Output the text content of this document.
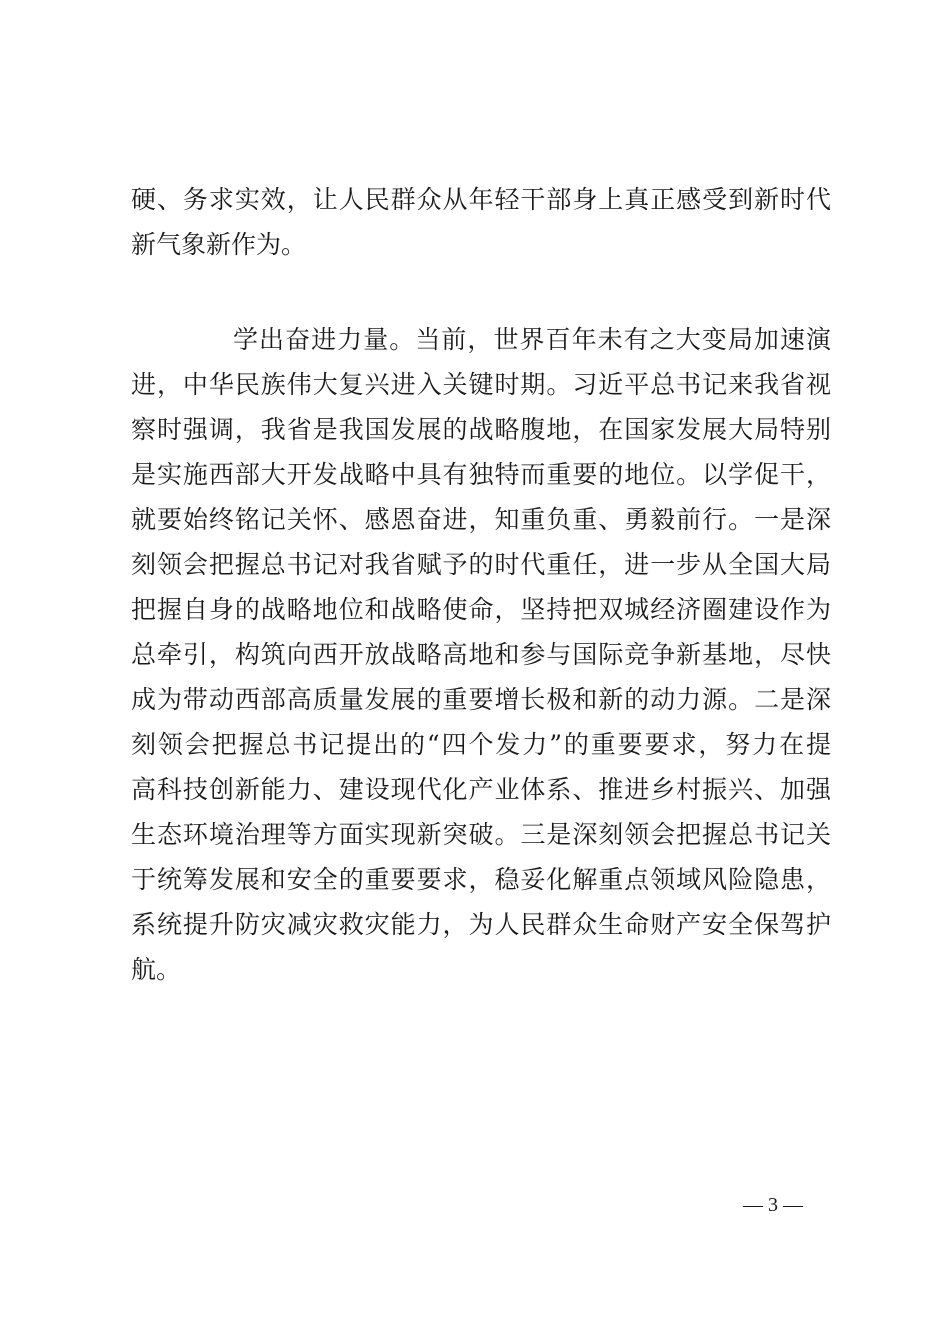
硬、务求实效，让人民群众从年轻干部身上真正感受到新时代
新气象新作为。
学出奋进力量。当前，世界百年未有之大变局加速演
进，中华民族伟大复兴进入关键时期。习近平总书记来我省视
察时强调，我省是我国发展的战略腹地，在国家发展大局特别
是实施西部大开发战略中具有独特而重要的地位。以学促干，
就要始终铭记关怀、感恩奋进，知重负重、勇毅前行。一是深
刻领会把握总书记对我省赋予的时代重任，进一步从全国大局
把握自身的战略地位和战略使命，坚持把双城经济圈建设作为
总牵引，构筑向西开放战略高地和参与国际竞争新基地，尽快
成为带动西部高质量发展的重要增长极和新的动力源。二是深
刻领会把握总书记提出的“四个发力”的重要要求，努力在提
高科技创新能力、建设现代化产业体系、推进乡村振兴、加强
生态环境治理等方面实现新突破。三是深刻领会把握总书记关
于统筹发展和安全的重要要求，稳妥化解重点领域风险隐患，
系统提升防灾减灾救灾能力，为人民群众生命财产安全保驾护
航。
— 3 —
